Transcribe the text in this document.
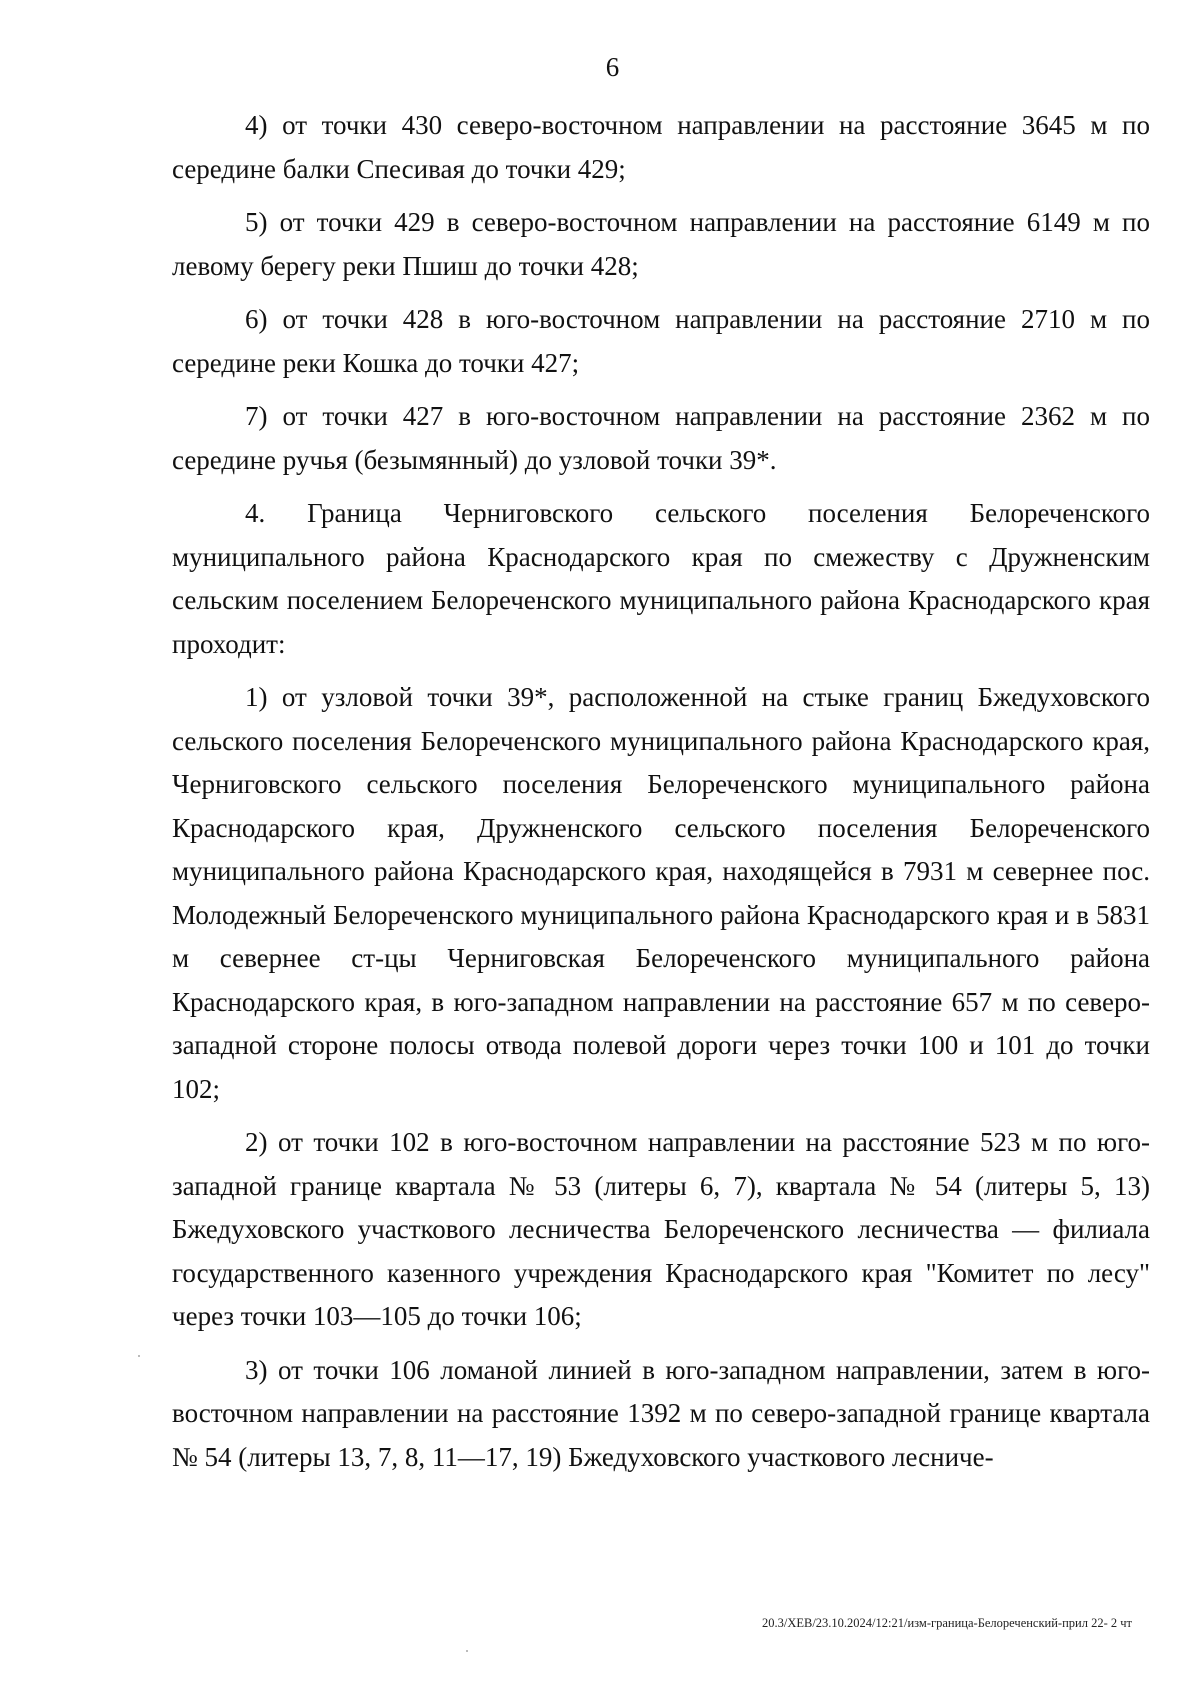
6

4) от точки 430 северо-восточном направлении на расстояние 3645 м по середине балки Спесивая до точки 429;

5) от точки 429 в северо-восточном направлении на расстояние 6149 м по левому берегу реки Пшиш до точки 428;

6) от точки 428 в юго-восточном направлении на расстояние 2710 м по середине реки Кошка до точки 427;

7) от точки 427 в юго-восточном направлении на расстояние 2362 м по середине ручья (безымянный) до узловой точки 39*.

4. Граница Черниговского сельского поселения Белореченского муниципального района Краснодарского края по смежеству с Дружненским сельским поселением Белореченского муниципального района Краснодарского края проходит:

1) от узловой точки 39*, расположенной на стыке границ Бжедуховского сельского поселения Белореченского муниципального района Краснодарского края, Черниговского сельского поселения Белореченского муниципального района Краснодарского края, Дружненского сельского поселения Белореченского муниципального района Краснодарского края, находящейся в 7931 м севернее пос. Молодежный Белореченского муниципального района Краснодарского края и в 5831 м севернее ст-цы Черниговская Белореченского муниципального района Краснодарского края, в юго-западном направлении на расстояние 657 м по северо-западной стороне полосы отвода полевой дороги через точки 100 и 101 до точки 102;

2) от точки 102 в юго-восточном направлении на расстояние 523 м по юго-западной границе квартала № 53 (литеры 6, 7), квартала № 54 (литеры 5, 13) Бжедуховского участкового лесничества Белореченского лесничества — филиала государственного казенного учреждения Краснодарского края "Комитет по лесу" через точки 103—105 до точки 106;

3) от точки 106 ломаной линией в юго-западном направлении, затем в юго-восточном направлении на расстояние 1392 м по северо-западной границе квартала № 54 (литеры 13, 7, 8, 11—17, 19) Бжедуховского участкового лесниче-

20.3/ХЕВ/23.10.2024/12:21/изм-граница-Белореченский-прил 22- 2 чт
